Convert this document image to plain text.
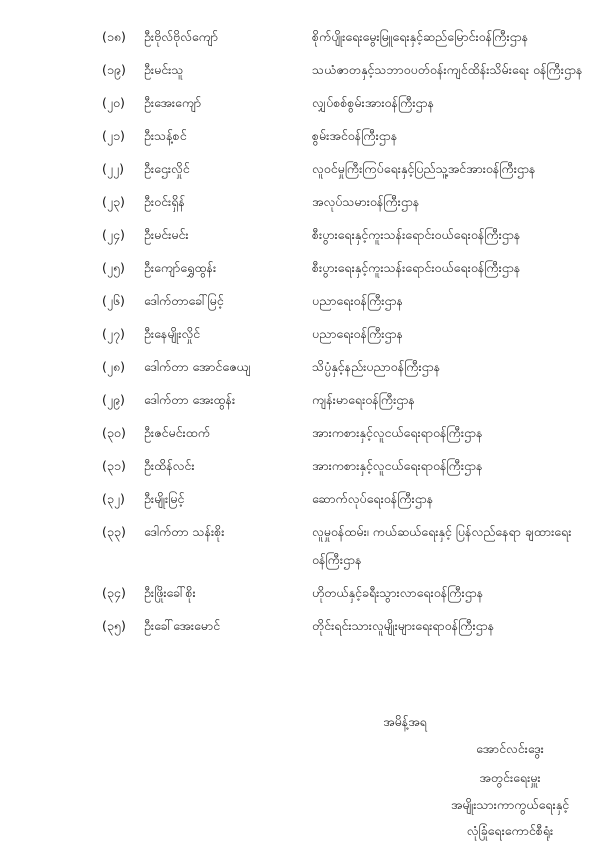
(၁၈)	ဦးဗိုလ်ဗိုလ်ကျော်	စိုက်ပျိုးရေးမွေးမြူရေးနှင့်ဆည်မြောင်းဝန်ကြီးဌာန
(၁၉)	ဦးမင်းသူ	သယံဇာတနှင့်သဘာဝပတ်ဝန်းကျင်ထိန်းသိမ်းရေး ဝန်ကြီးဌာန
(၂၀)	ဦးအေးကျော်	လျှပ်စစ်စွမ်းအားဝန်ကြီးဌာန
(၂၁)	ဦးသန့်စင်	စွမ်းအင်ဝန်ကြီးဌာန
(၂၂)	ဦးဌေးလှိုင်	လူဝင်မှုကြီးကြပ်ရေးနှင့်ပြည်သူ့အင်အားဝန်ကြီးဌာန
(၂၃)	ဦးဝင်းရှိန်	အလုပ်သမားဝန်ကြီးဌာန
(၂၄)	ဦးမင်းမင်း	စီးပွားရေးနှင့်ကူးသန်းရောင်းဝယ်ရေးဝန်ကြီးဌာန
(၂၅)	ဦးကျော်ရွှေထွန်း	စီးပွားရေးနှင့်ကူးသန်းရောင်းဝယ်ရေးဝန်ကြီးဌာန
(၂၆)	ဒေါက်တာခေါ်မြင့်	ပညာရေးဝန်ကြီးဌာန
(၂၇)	ဦးနေမျိုးလှိုင်	ပညာရေးဝန်ကြီးဌာန
(၂၈)	ဒေါက်တာ အောင်ဇေယျ	သိပ္ပံနှင့်နည်းပညာဝန်ကြီးဌာန
(၂၉)	ဒေါက်တာ အေးထွန်း	ကျန်းမာရေးဝန်ကြီးဌာန
(၃၀)	ဦးဇင်မင်းထက်	အားကစားနှင့်လူငယ်ရေးရာဝန်ကြီးဌာန
(၃၁)	ဦးထိန်လင်း	အားကစားနှင့်လူငယ်ရေးရာဝန်ကြီးဌာန
(၃၂)	ဦးမျိုးမြင့်	ဆောက်လုပ်ရေးဝန်ကြီးဌာန
(၃၃)	ဒေါက်တာ သန်းစိုး	လူမှုဝန်ထမ်း၊ ကယ်ဆယ်ရေးနှင့် ပြန်လည်နေရာ ချထားရေးဝန်ကြီးဌာန
(၃၄)	ဦးဖြိုးခေါ်စိုး	ဟိုတယ်နှင့်ခရီးသွားလာရေးဝန်ကြီးဌာန
(၃၅)	ဦးခေါ်အေးမောင်	တိုင်းရင်းသားလူမျိုးများရေးရာဝန်ကြီးဌာန
အမိန့်အရ
အောင်လင်းဒွေး
အတွင်းရေးမှူး
အမျိုးသားကာကွယ်ရေးနှင့်
လုံခြုံရေးကောင်စီရုံး
